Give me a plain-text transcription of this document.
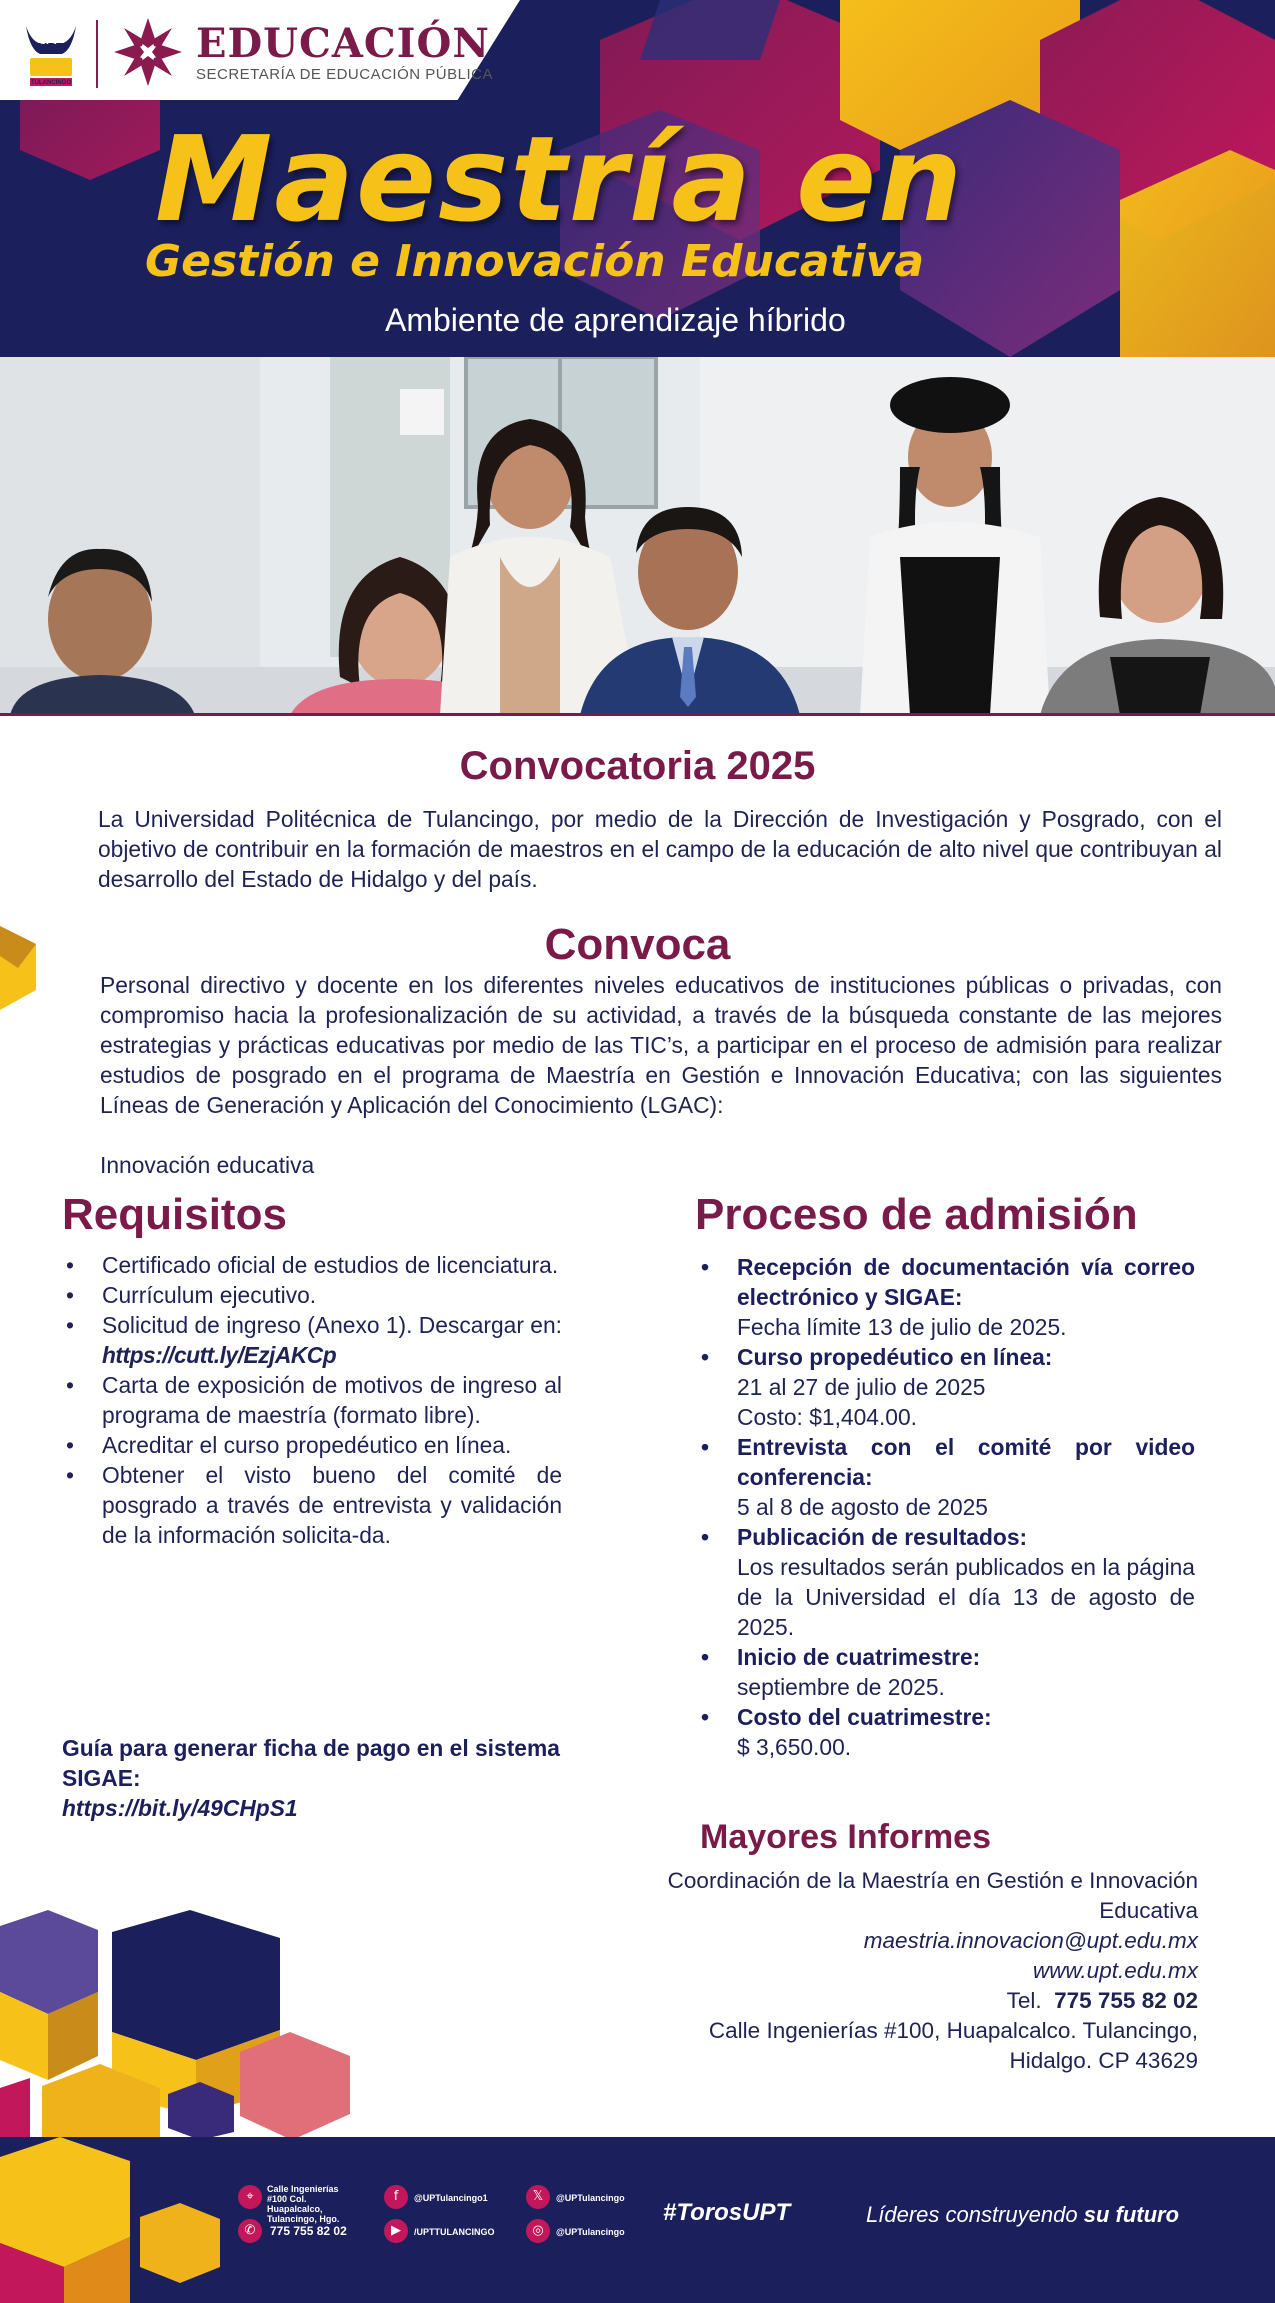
UPT
TULANCINGO
EDUCACIÓN
SECRETARÍA DE EDUCACIÓN PÚBLICA
Maestría en
Gestión e Innovación Educativa
Ambiente de aprendizaje híbrido
Convocatoria 2025
La Universidad Politécnica de Tulancingo, por medio de la Dirección de Investigación y Posgrado, con el objetivo de contribuir en la formación de maestros en el campo de la educación de alto nivel que contribuyan al desarrollo del Estado de Hidalgo y del país.
Convoca
Personal directivo y docente en los diferentes niveles educativos de instituciones públicas o privadas, con compromiso hacia la profesionalización de su actividad, a través de la búsqueda constante de las mejores estrategias y prácticas educativas por medio de las TIC’s, a participar en el proceso de admisión para realizar estudios de posgrado en el programa de Maestría en Gestión e Innovación Educativa; con las siguientes Líneas de Generación y Aplicación del Conocimiento (LGAC):
Innovación educativa
Requisitos
• Certificado oficial de estudios de licenciatura.
• Currículum ejecutivo.
• Solicitud de ingreso (Anexo 1). Descargar en:
https://cutt.ly/EzjAKCp
• Carta de exposición de motivos de ingreso al programa de maestría (formato libre).
• Acreditar el curso propedéutico en línea.
• Obtener el visto bueno del comité de posgrado a través de entrevista y validación de la información solicita-da.
Guía para generar ficha de pago en el sistema SIGAE:
https://bit.ly/49CHpS1
Proceso de admisión
• Recepción de documentación vía correo electrónico y SIGAE:
Fecha límite 13 de julio de 2025.
• Curso propedéutico en línea:
21 al 27 de julio de 2025
Costo: $1,404.00.
• Entrevista con el comité por video conferencia:
5 al 8 de agosto de 2025
• Publicación de resultados:
Los resultados serán publicados en la página de la Universidad el día 13 de agosto de 2025.
• Inicio de cuatrimestre:
septiembre de 2025.
• Costo del cuatrimestre:
$ 3,650.00.
Mayores Informes
Coordinación de la Maestría en Gestión e Innovación Educativa
maestria.innovacion@upt.edu.mx
www.upt.edu.mx
Tel. 775 755 82 02
Calle Ingenierías #100, Huapalcalco. Tulancingo, Hidalgo. CP 43629
⌖	Calle Ingenierías #100 Col. Huapalcalco, Tulancingo, Hgo.
✆	775 755 82 02
f	@UPTulancingo1
▶	/UPTTULANCINGO
𝕏	@UPTulancingo
◎	@UPTulancingo
#TorosUPT	Líderes construyendo su futuro
